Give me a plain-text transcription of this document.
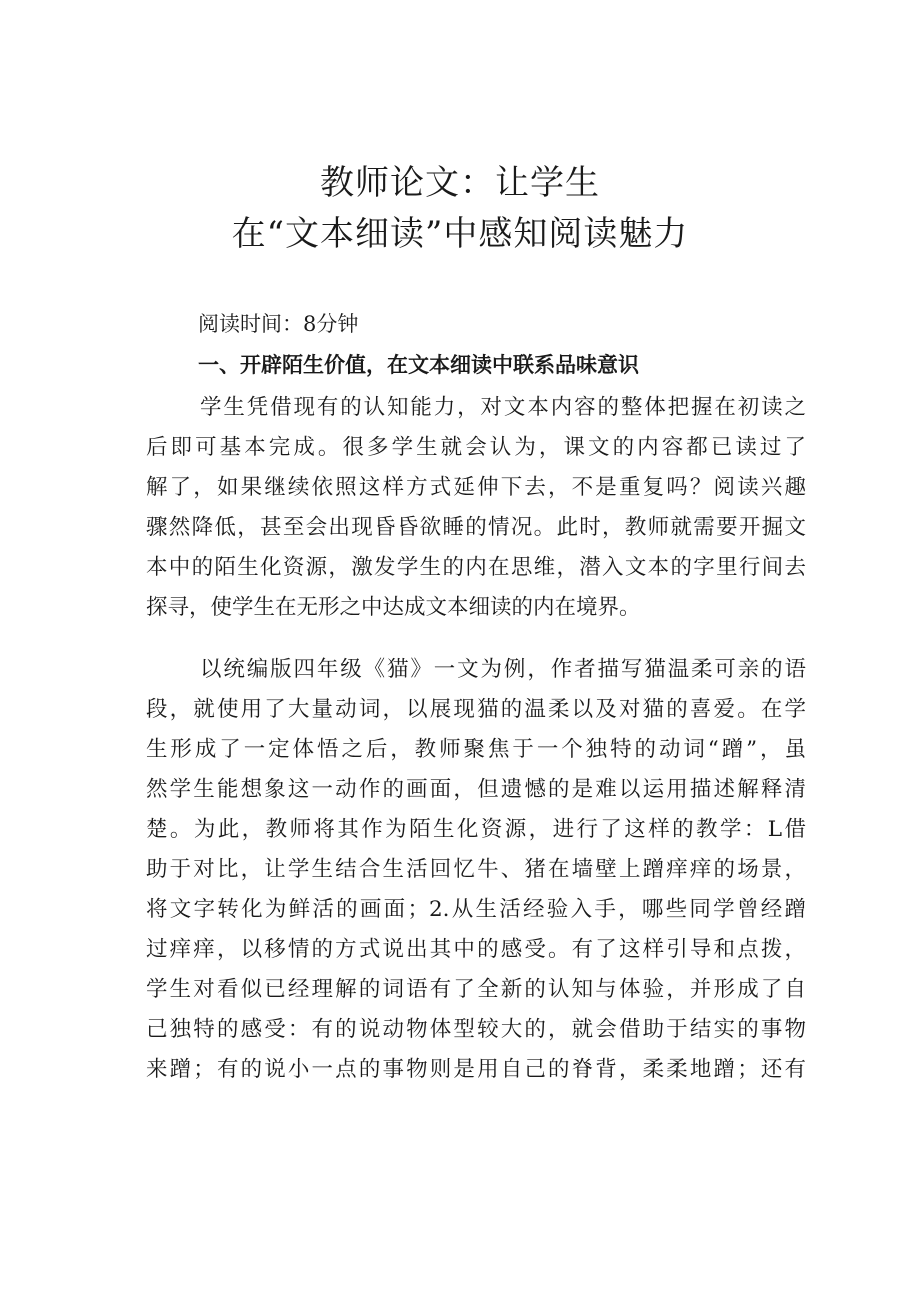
教师论文：让学生
在“文本细读”中感知阅读魅力
阅读时间：8分钟
一、开辟陌生价值，在文本细读中联系品味意识
学生凭借现有的认知能力，对文本内容的整体把握在初读之
后即可基本完成。很多学生就会认为，课文的内容都已读过了
解了，如果继续依照这样方式延伸下去，不是重复吗？阅读兴趣
骤然降低，甚至会出现昏昏欲睡的情况。此时，教师就需要开掘文
本中的陌生化资源，激发学生的内在思维，潜入文本的字里行间去
探寻，使学生在无形之中达成文本细读的内在境界。
以统编版四年级《猫》一文为例，作者描写猫温柔可亲的语
段，就使用了大量动词，以展现猫的温柔以及对猫的喜爱。在学
生形成了一定体悟之后，教师聚焦于一个独特的动词“蹭”，虽
然学生能想象这一动作的画面，但遗憾的是难以运用描述解释清
楚。为此，教师将其作为陌生化资源，进行了这样的教学：L借
助于对比，让学生结合生活回忆牛、猪在墙壁上蹭痒痒的场景，
将文字转化为鲜活的画面；2.从生活经验入手，哪些同学曾经蹭
过痒痒，以移情的方式说出其中的感受。有了这样引导和点拨，
学生对看似已经理解的词语有了全新的认知与体验，并形成了自
己独特的感受：有的说动物体型较大的，就会借助于结实的事物
来蹭；有的说小一点的事物则是用自己的脊背，柔柔地蹭；还有
